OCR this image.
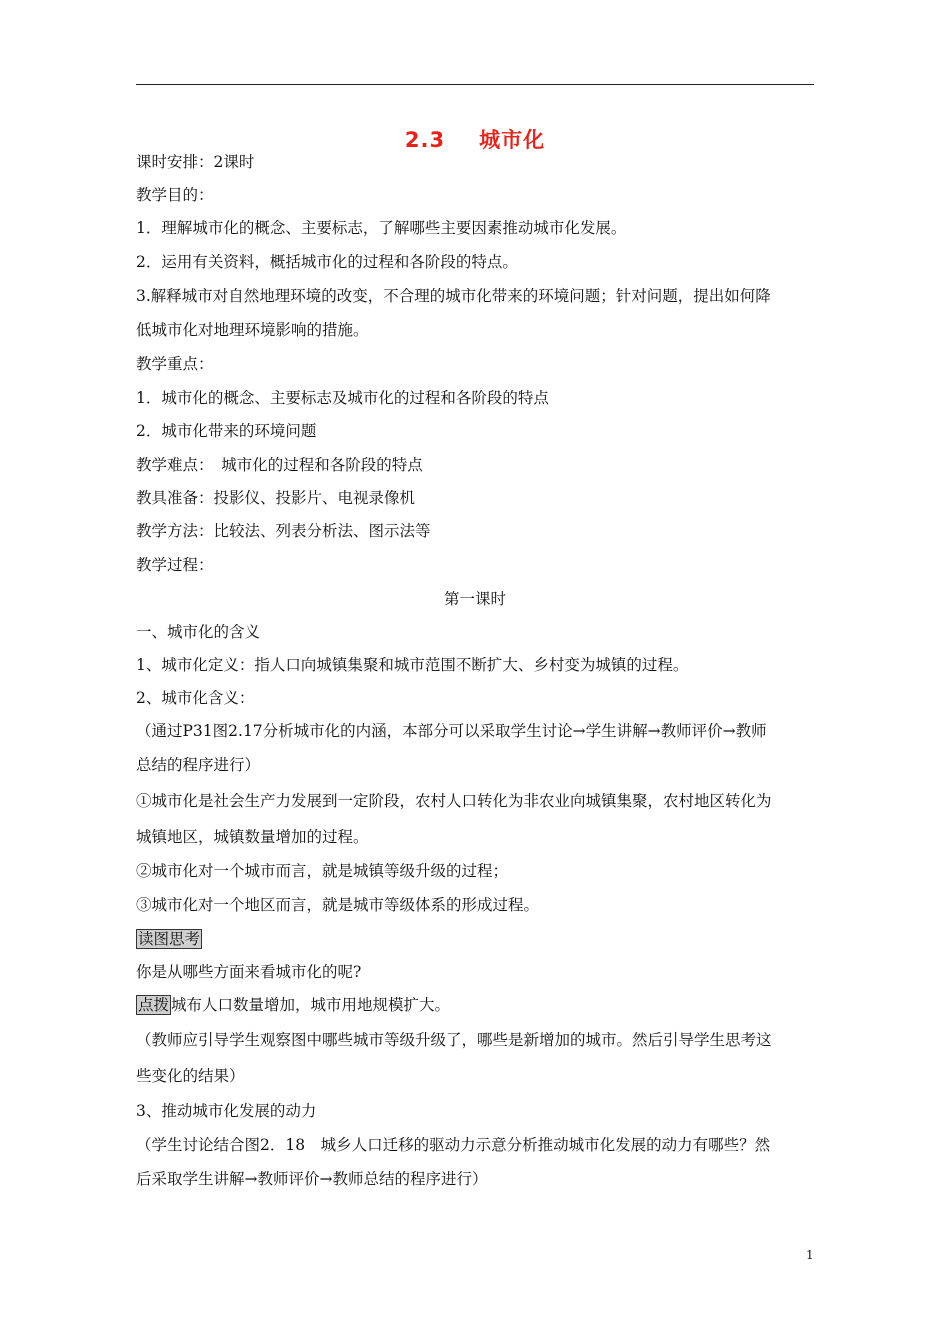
2.3 城市化
课时安排：2课时
教学目的：
1．理解城市化的概念、主要标志，了解哪些主要因素推动城市化发展。
2．运用有关资料，概括城市化的过程和各阶段的特点。
3.解释城市对自然地理环境的改变，不合理的城市化带来的环境问题；针对问题，提出如何降
低城市化对地理环境影响的措施。
教学重点：
1．城市化的概念、主要标志及城市化的过程和各阶段的特点
2．城市化带来的环境问题
教学难点：　城市化的过程和各阶段的特点
教具准备：投影仪、投影片、电视录像机
教学方法：比较法、列表分析法、图示法等
教学过程：
第一课时
一、城市化的含义
1、城市化定义：指人口向城镇集聚和城市范围不断扩大、乡村变为城镇的过程。
2、城市化含义：
（通过P31图2.17分析城市化的内涵，本部分可以采取学生讨论→学生讲解→教师评价→教师
总结的程序进行）
①城市化是社会生产力发展到一定阶段，农村人口转化为非农业向城镇集聚，农村地区转化为
城镇地区，城镇数量增加的过程。
②城市化对一个城市而言，就是城镇等级升级的过程；
③城市化对一个地区而言，就是城市等级体系的形成过程。
读图思考
你是从哪些方面来看城市化的呢?
点拨 城布人口数量增加，城市用地规模扩大。
（教师应引导学生观察图中哪些城市等级升级了，哪些是新增加的城市。然后引导学生思考这
些变化的结果）
3、推动城市化发展的动力
（学生讨论结合图2．18　城乡人口迁移的驱动力示意分析推动城市化发展的动力有哪些？然
后采取学生讲解→教师评价→教师总结的程序进行）
1
